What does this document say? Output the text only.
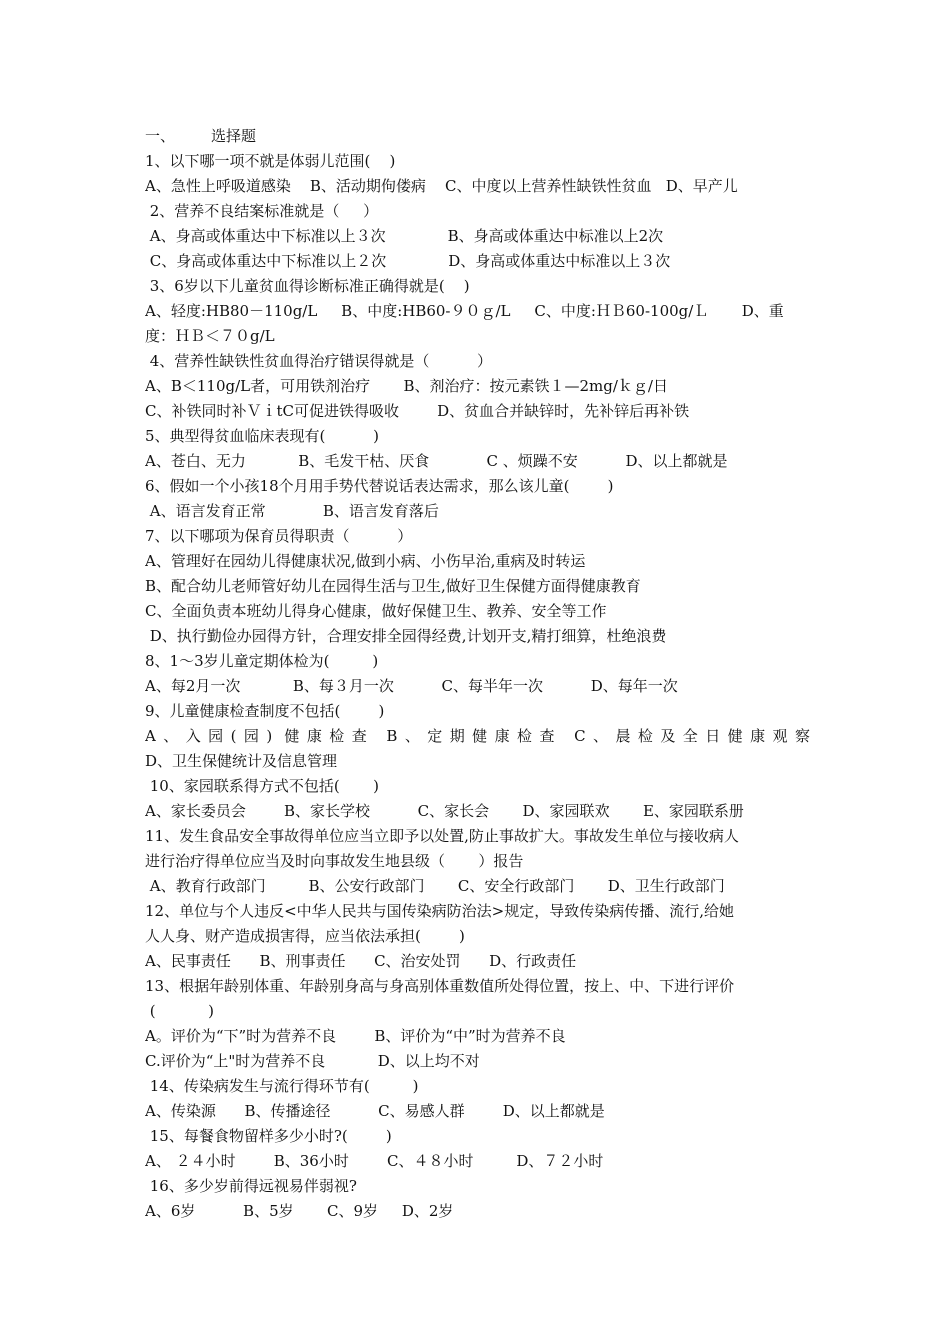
一、	选择题
1、以下哪一项不就是体弱儿范围(    )
A、急性上呼吸道感染    B、活动期佝偻病    C、中度以上营养性缺铁性贫血   D、早产儿
2、营养不良结案标准就是（     ）
A、身高或体重达中下标准以上３次             B、身高或体重达中标准以上2次
C、身高或体重达中下标准以上２次             D、身高或体重达中标准以上３次
3、6岁以下儿童贫血得诊断标准正确得就是(    )
A、轻度:HB80－110g/L     B、中度:HB60-９０ｇ/L     C、中度:ＨＢ60-100g/Ｌ       D、重
度：ＨＢ＜７０g/L
4、营养性缺铁性贫血得治疗错误得就是（          ）
A、B＜110g/L者，可用铁剂治疗       B、剂治疗：按元素铁１—2mg/ｋｇ/日
C、补铁同时补ＶｉtC可促进铁得吸收        D、贫血合并缺锌时，先补锌后再补铁
5、典型得贫血临床表现有(          )
A、苍白、无力           B、毛发干枯、厌食            C 、烦躁不安          D、以上都就是
6、假如一个小孩18个月用手势代替说话表达需求，那么该儿童(        )
A、语言发育正常            B、语言发育落后
7、以下哪项为保育员得职责（          ）
A、管理好在园幼儿得健康状况,做到小病、小伤早治,重病及时转运
B、配合幼儿老师管好幼儿在园得生活与卫生,做好卫生保健方面得健康教育
C、全面负责本班幼儿得身心健康，做好保健卫生、教养、安全等工作
D、执行勤俭办园得方针，合理安排全园得经费,计划开支,精打细算，杜绝浪费
8、1～3岁儿童定期体检为(         )
A、每2月一次           B、每３月一次          C、每半年一次          D、每年一次
9、儿童健康检查制度不包括(        )
A、入园(园) 健康检查 B、定期健康检查 C、晨检及全日健康观察
D、卫生保健统计及信息管理
10、家园联系得方式不包括(       )
A、家长委员会        B、家长学校          C、家长会       D、家园联欢       E、家园联系册
11、发生食品安全事故得单位应当立即予以处置,防止事故扩大。事故发生单位与接收病人
进行治疗得单位应当及时向事故发生地县级（       ）报告
A、教育行政部门         B、公安行政部门       C、安全行政部门       D、卫生行政部门
12、单位与个人违反<中华人民共与国传染病防治法>规定，导致传染病传播、流行,给她
人人身、财产造成损害得，应当依法承担(        )
A、民事责任      B、刑事责任      C、治安处罚      D、行政责任
13、根据年龄别体重、年龄别身高与身高别体重数值所处得位置，按上、中、下进行评价
(           )
A。评价为“下”时为营养不良        B、评价为“中”时为营养不良
C.评价为“上"时为营养不良           D、以上均不对
14、传染病发生与流行得环节有(         )
A、传染源      B、传播途径          C、易感人群        D、以上都就是
15、每餐食物留样多少小时?(        )
A、 ２４小时        B、36小时        C、４８小时         D、７２小时
16、多少岁前得远视易伴弱视?
A、6岁          B、5岁       C、9岁     D、2岁
